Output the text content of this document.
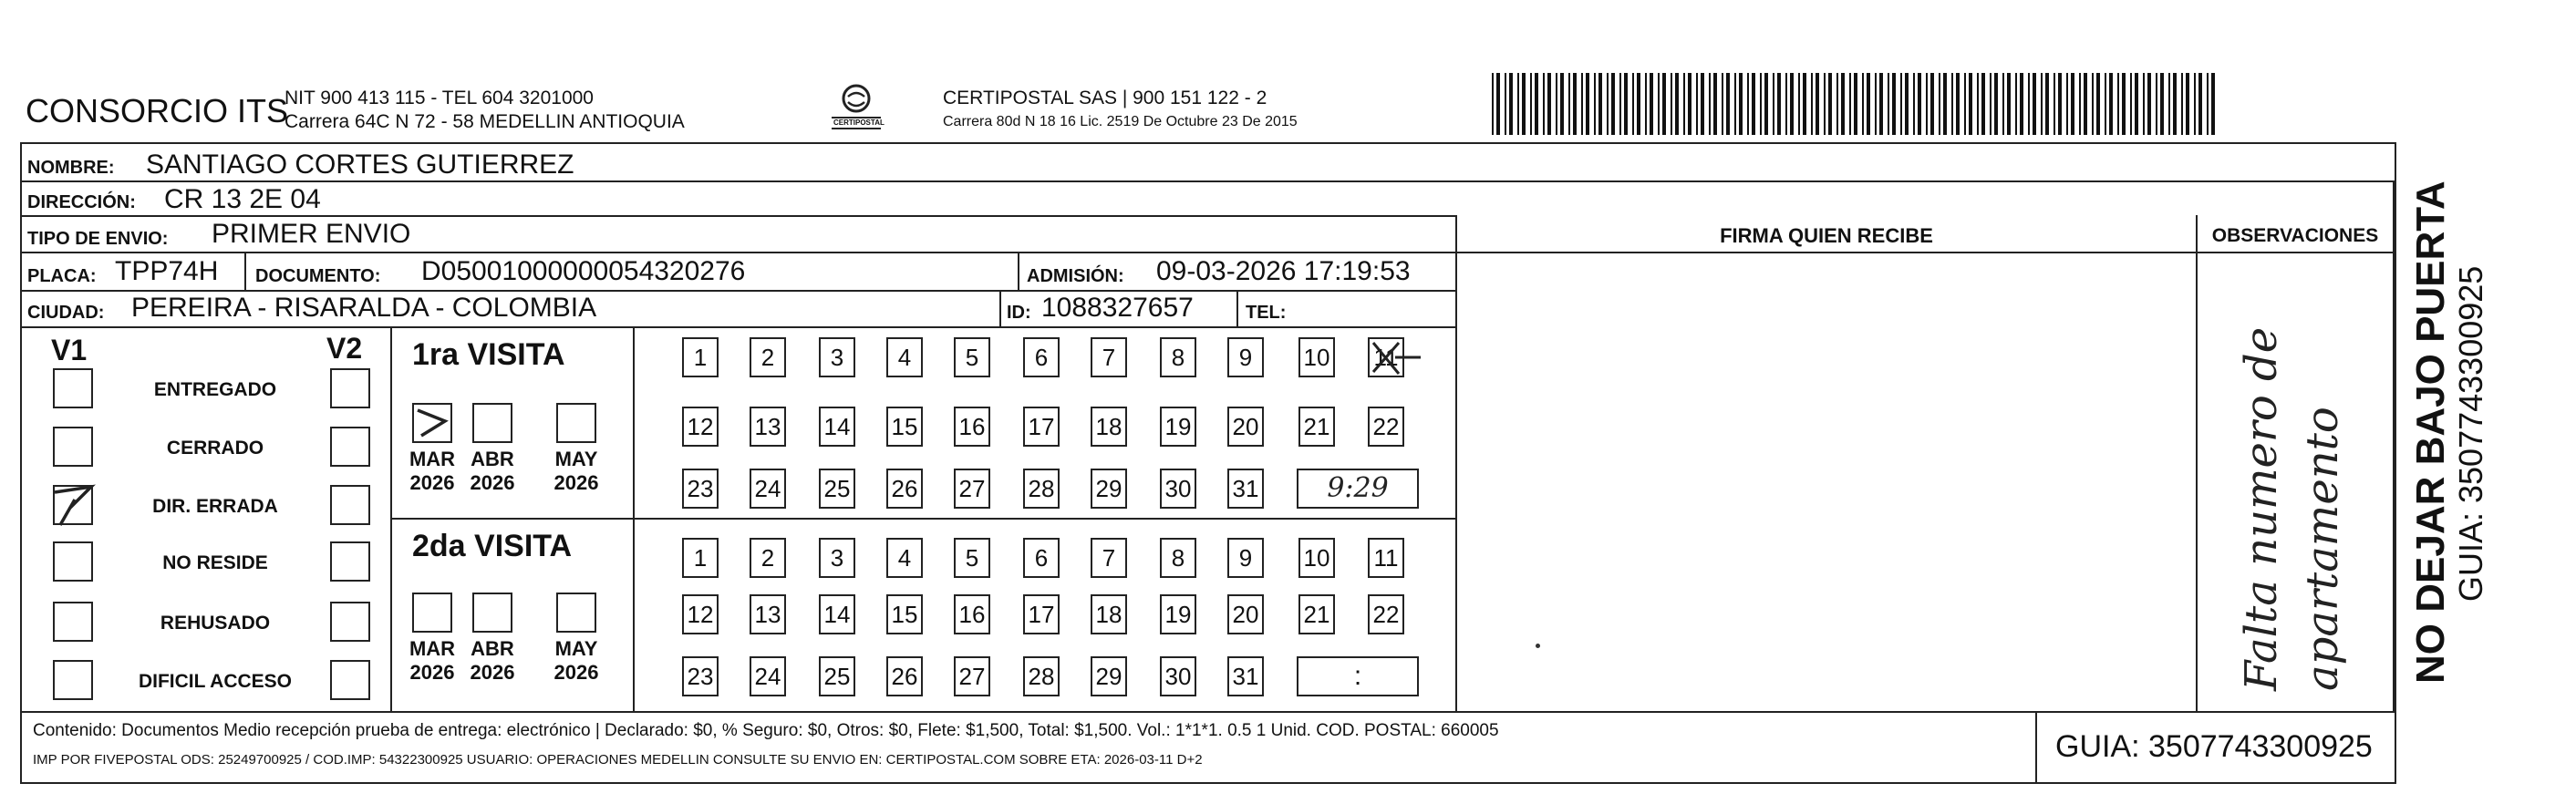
CONSORCIO ITS
NIT 900 413 115 - TEL 604 3201000
Carrera 64C N 72 - 58 MEDELLIN ANTIOQUIA	CERTIPOSTAL
CERTIPOSTAL SAS | 900 151 122 - 2
Carrera 80d N 18 16 Lic. 2519 De Octubre 23 De 2015
NOMBRE: SANTIAGO CORTES GUTIERREZ
DIRECCIÓN: CR 13 2E 04
TIPO DE ENVIO: PRIMER ENVIO	FIRMA QUIEN RECIBE	OBSERVACIONES
PLACA: TPP74H DOCUMENTO: D05001000000054320276	ADMISIÓN: 09-03-2026 17:19:53
CIUDAD: PEREIRA - RISARALDA - COLOMBIA	ID: 1088327657	TEL:
V1	V2
ENTREGADO
CERRADO
DIR. ERRADA
NO RESIDE
REHUSADO
DIFICIL ACCESO
1ra VISITA
MAR
2026
ABR
2026
MAY
2026
1	2	3	4	5	6	7	8	9	10 11
12 13 14 15 16 17 18 19 20 21 22
23 24 25 26 27 28 29 30 31	9:29
2da VISITA
MAR
2026
ABR
2026
MAY
2026
1	2	3	4	5	6	7	8	9	10 11
12 13 14 15 16 17 18 19 20 21 22
23 24 25 26 27 28 29 30 31	:	Falta numero de apartamento
Contenido: Documentos Medio recepción prueba de entrega: electrónico | Declarado: $0, % Seguro: $0, Otros: $0, Flete: $1,500, Total: $1,500. Vol.: 1*1*1. 0.5 1 Unid. COD. POSTAL: 660005
IMP POR FIVEPOSTAL ODS: 25249700925 / COD.IMP: 54322300925 USUARIO: OPERACIONES MEDELLIN CONSULTE SU ENVIO EN: CERTIPOSTAL.COM SOBRE ETA: 2026-03-11 D+2	GUIA: 3507743300925
NO DEJAR BAJO PUERTA GUIA: 3507743300925
